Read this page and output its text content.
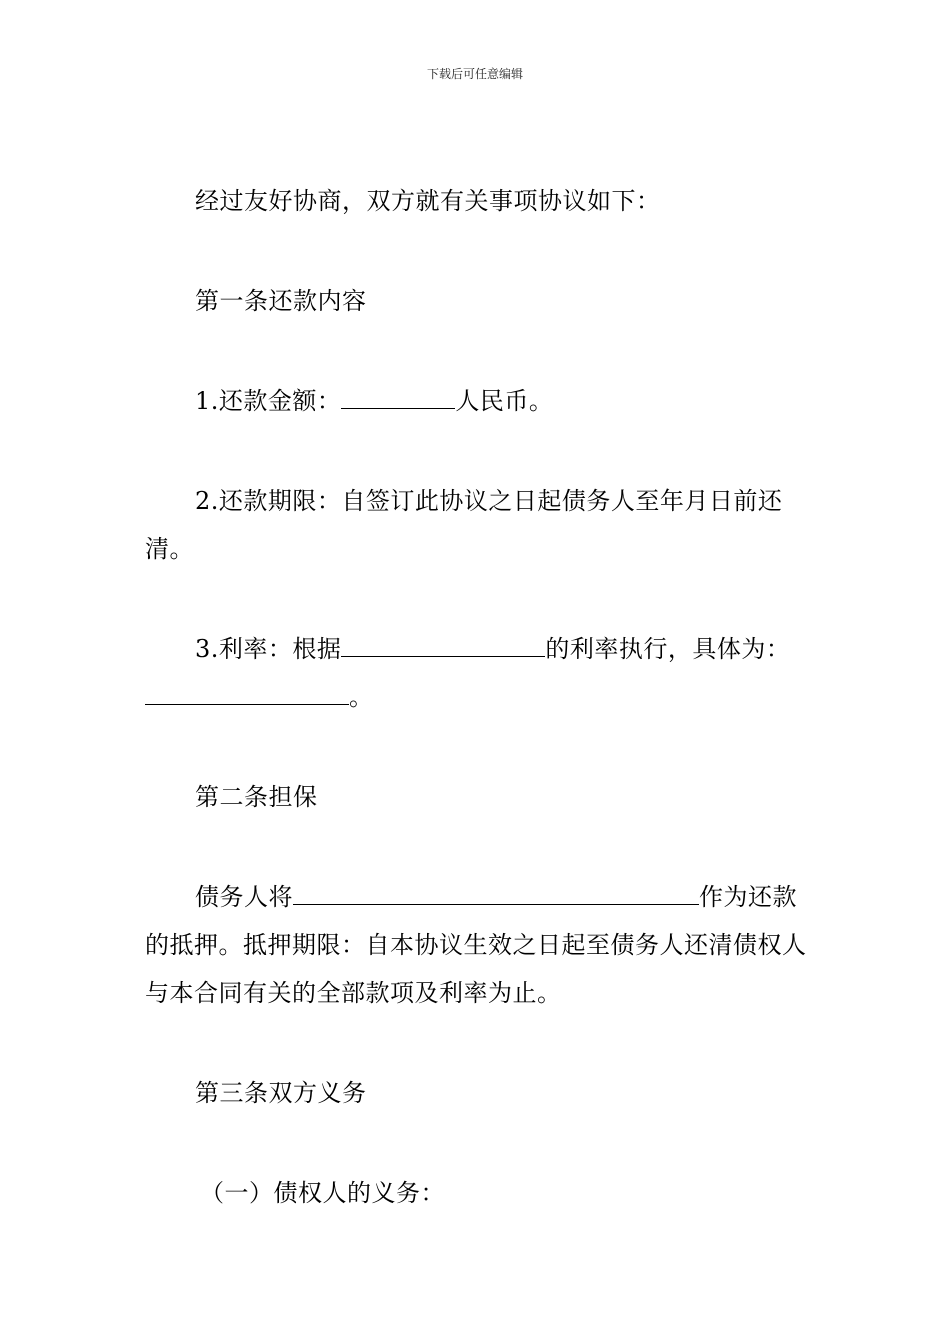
下载后可任意编辑

经过友好协商，双方就有关事项协议如下：

第一条还款内容

1.还款金额：	人民币。

2.还款期限：自签订此协议之日起债务人至年月日前还清。

3.利率：根据	的利率执行，具体为：。

第二条担保

债务人将	作为还款的抵押。抵押期限：自本协议生效之日起至债务人还清债权人与本合同有关的全部款项及利率为止。

第三条双方义务

（一）债权人的义务：
